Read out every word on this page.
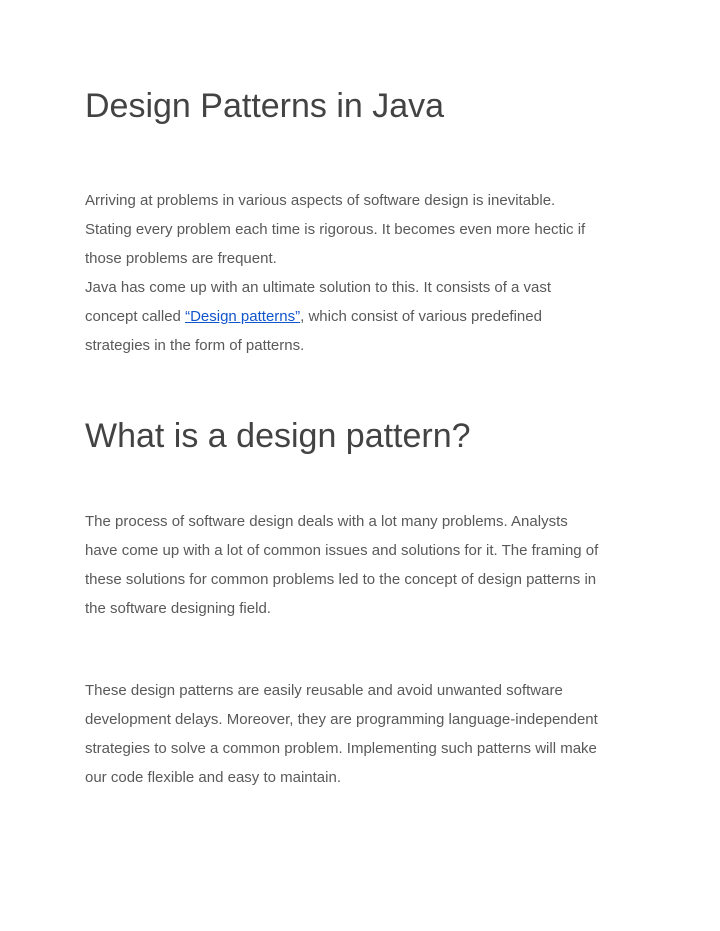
Design Patterns in Java
Arriving at problems in various aspects of software design is inevitable.
Stating every problem each time is rigorous. It becomes even more hectic if
those problems are frequent.
Java has come up with an ultimate solution to this. It consists of a vast
concept called “Design patterns”, which consist of various predefined
strategies in the form of patterns.
What is a design pattern?
The process of software design deals with a lot many problems. Analysts
have come up with a lot of common issues and solutions for it. The framing of
these solutions for common problems led to the concept of design patterns in
the software designing field.
These design patterns are easily reusable and avoid unwanted software
development delays. Moreover, they are programming language-independent
strategies to solve a common problem. Implementing such patterns will make
our code flexible and easy to maintain.
